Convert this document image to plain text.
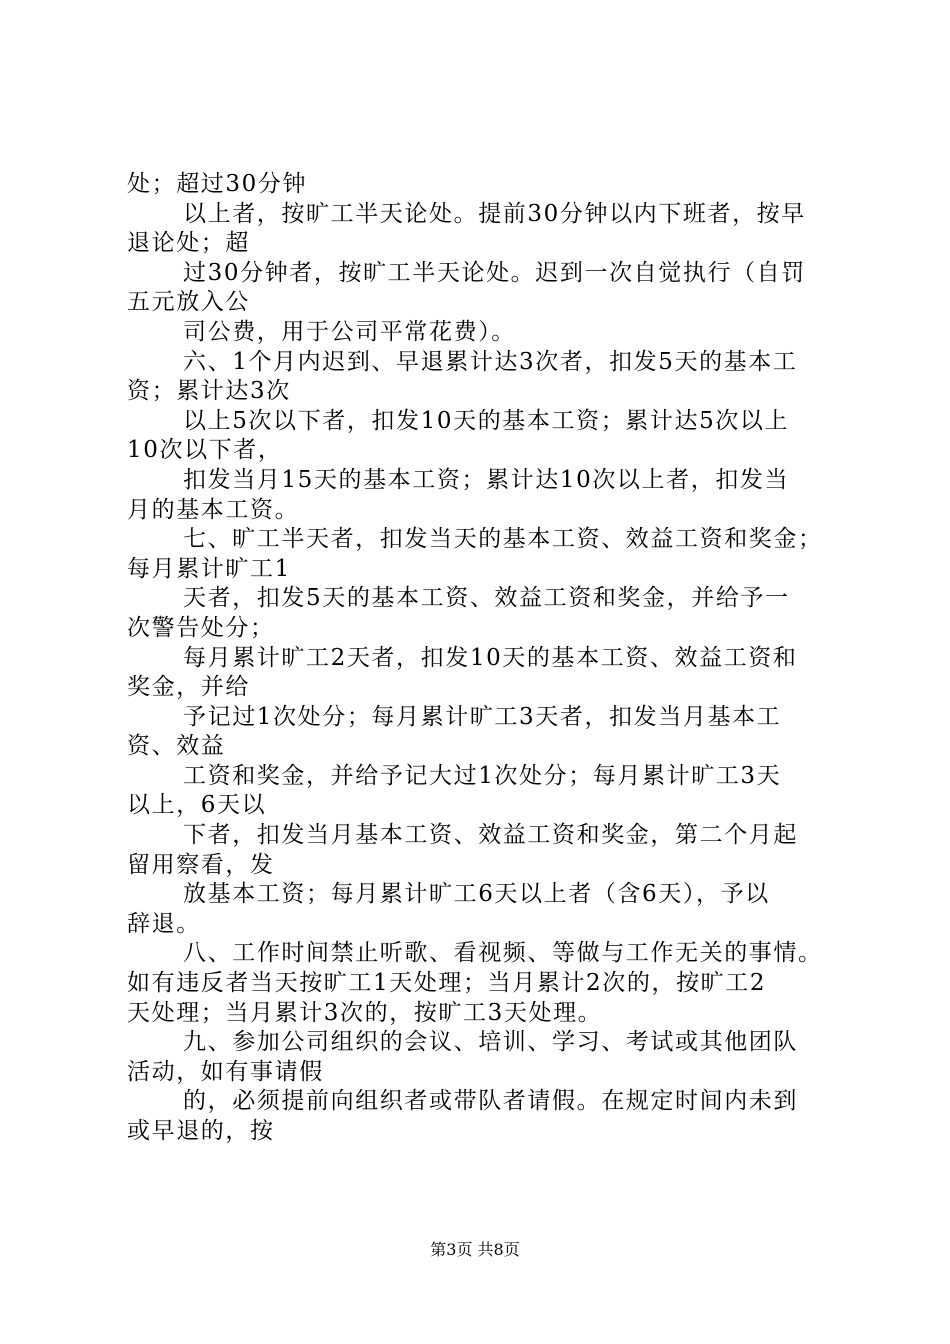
处；超过30分钟
以上者，按旷工半天论处。提前30分钟以内下班者，按早
退论处；超
过30分钟者，按旷工半天论处。迟到一次自觉执行（自罚
五元放入公
司公费，用于公司平常花费）。
六、1个月内迟到、早退累计达3次者，扣发5天的基本工
资；累计达3次
以上5次以下者，扣发10天的基本工资；累计达5次以上
10次以下者，
扣发当月15天的基本工资；累计达10次以上者，扣发当
月的基本工资。
七、旷工半天者，扣发当天的基本工资、效益工资和奖金；
每月累计旷工1
天者，扣发5天的基本工资、效益工资和奖金，并给予一
次警告处分；
每月累计旷工2天者，扣发10天的基本工资、效益工资和
奖金，并给
予记过1次处分；每月累计旷工3天者，扣发当月基本工
资、效益
工资和奖金，并给予记大过1次处分；每月累计旷工3天
以上，6天以
下者，扣发当月基本工资、效益工资和奖金，第二个月起
留用察看，发
放基本工资；每月累计旷工6天以上者（含6天），予以
辞退。
八、工作时间禁止听歌、看视频、等做与工作无关的事情。
如有违反者当天按旷工1天处理；当月累计2次的，按旷工2
天处理；当月累计3次的，按旷工3天处理。
九、参加公司组织的会议、培训、学习、考试或其他团队
活动，如有事请假
的，必须提前向组织者或带队者请假。在规定时间内未到
或早退的，按
第3页 共8页
